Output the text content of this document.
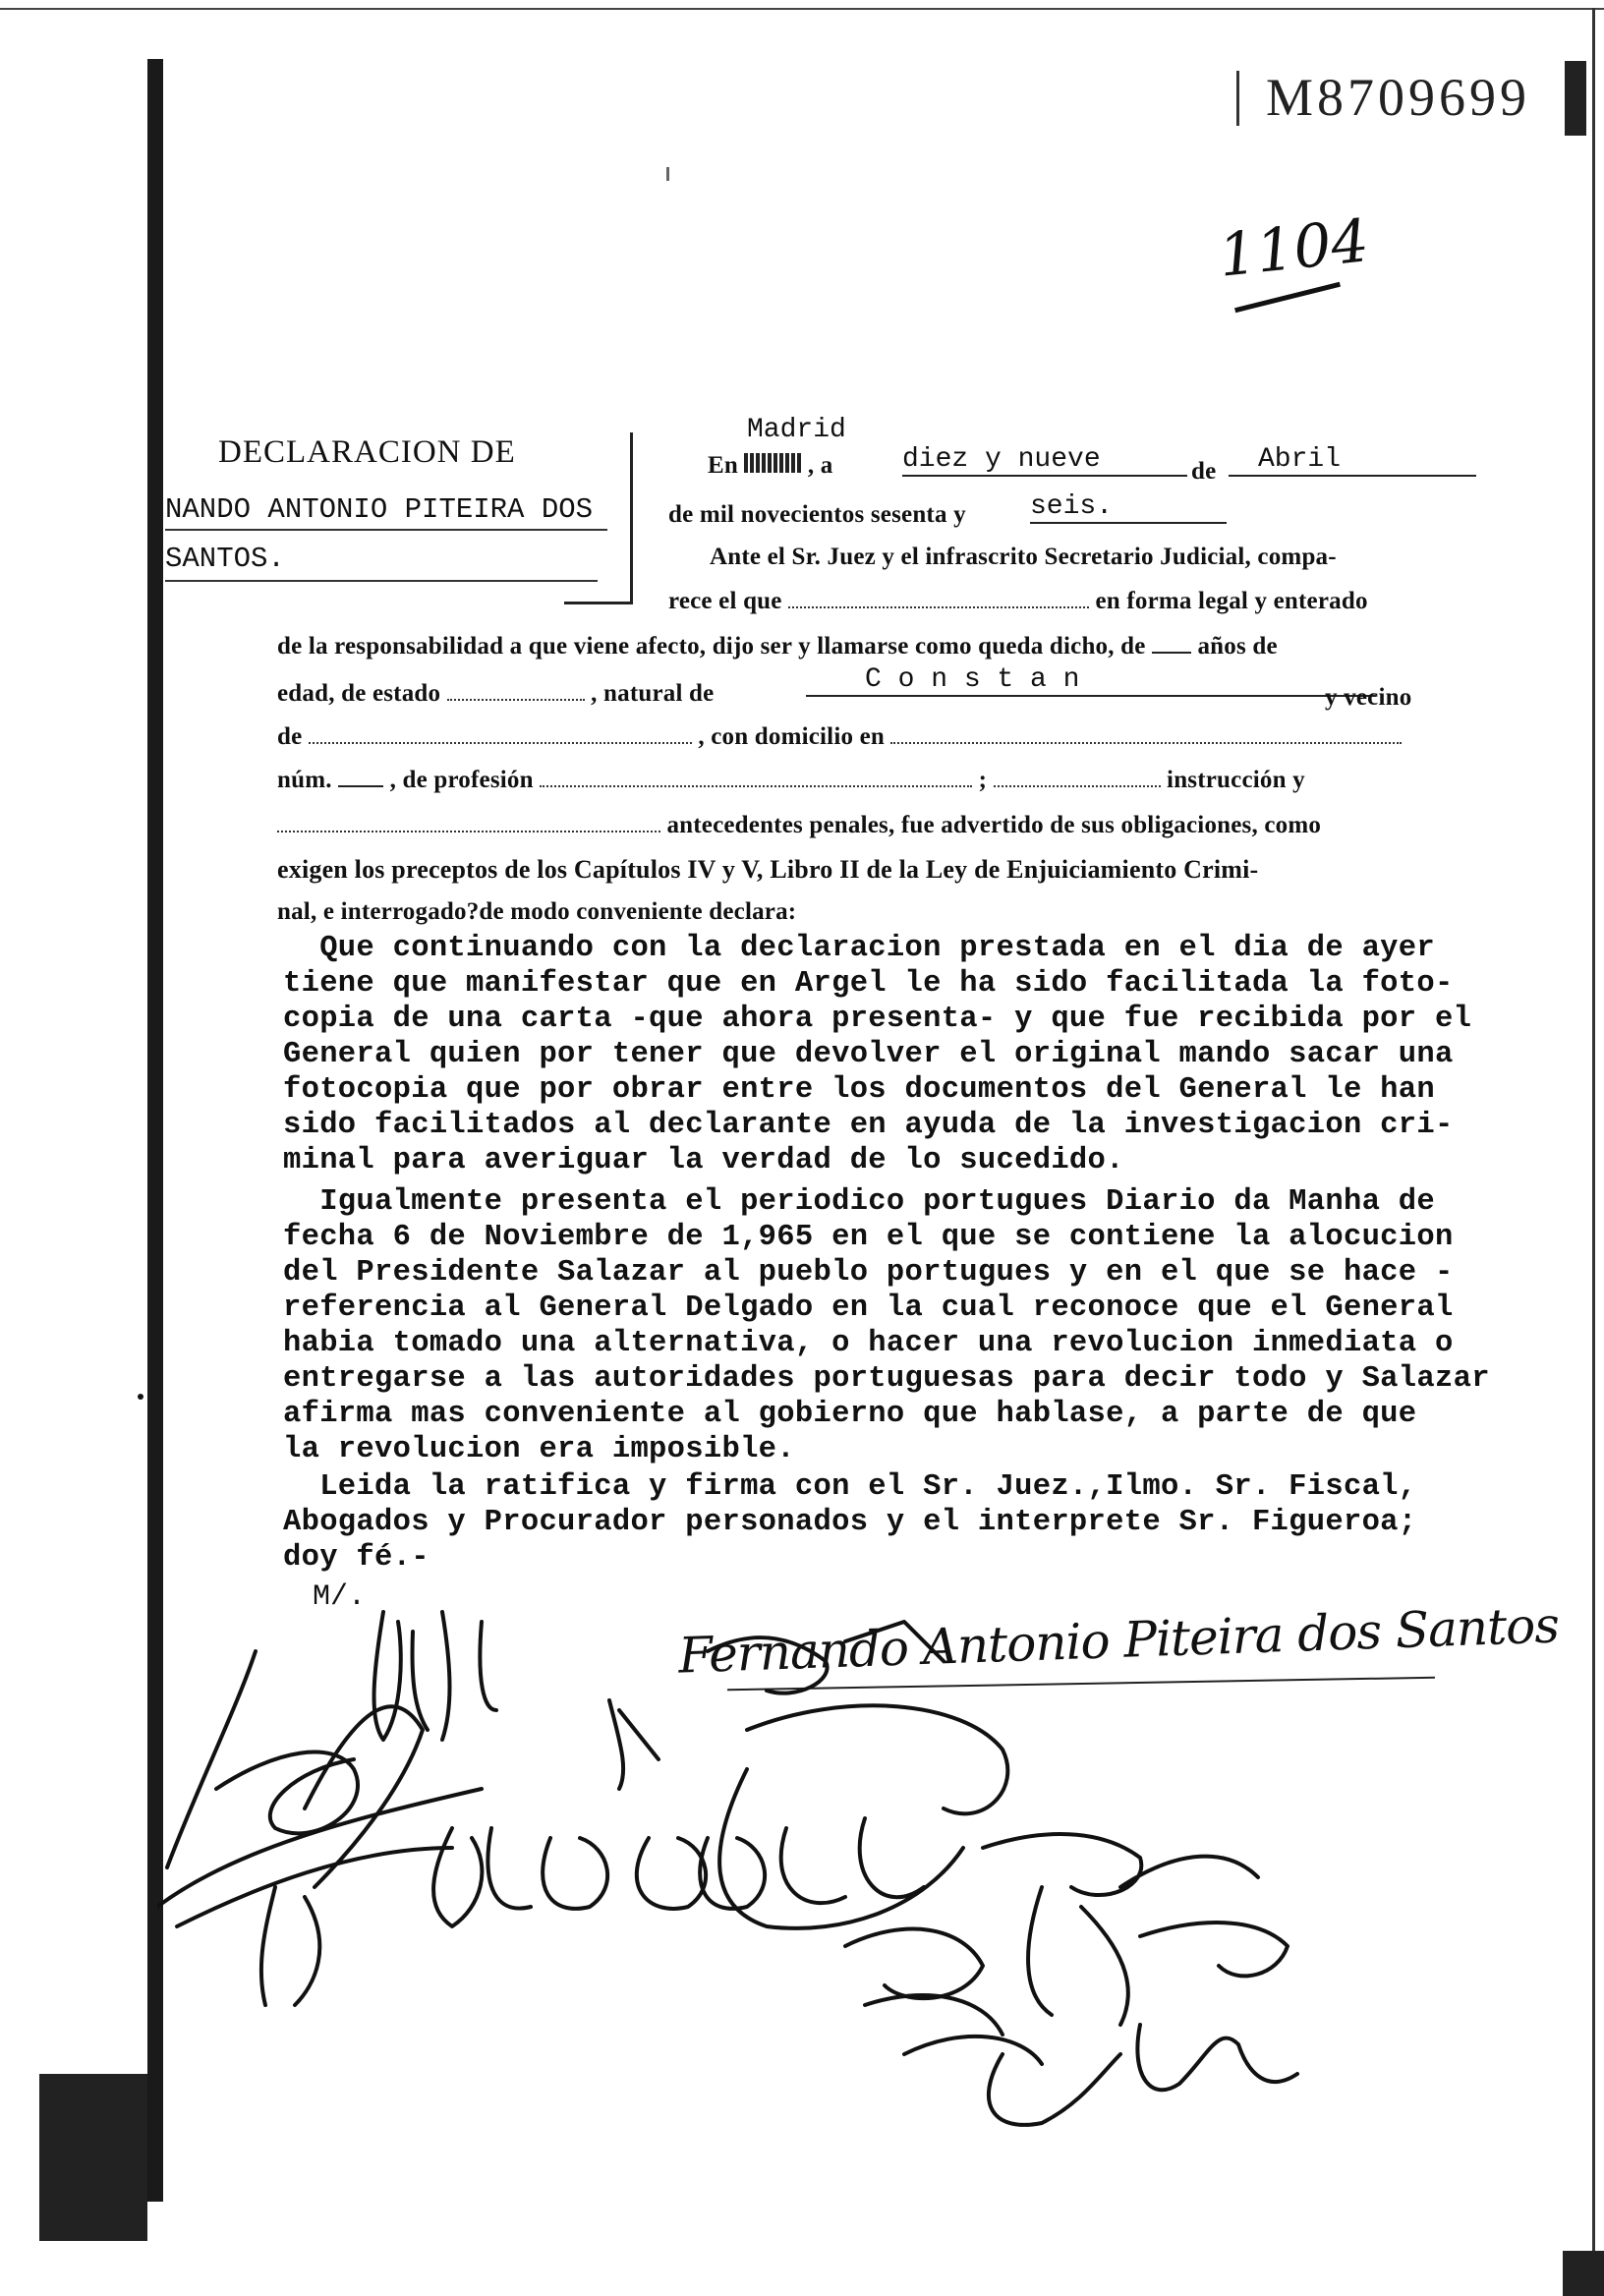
M8709699
1104
DECLARACION DE
NANDO ANTONIO PITEIRA DOS
SANTOS.
Madrid
En	, a	diez y nueve	de	Abril
de mil novecientos sesenta y seis.
Ante el Sr. Juez y el infrascrito Secretario Judicial, compa-
rece el que	en forma legal y enterado
de la responsabilidad a que viene afecto, dijo ser y llamarse como queda dicho, de años de
edad, de estado	, natural de	C o n s t a n
y vecino
de	, con domicilio en
núm. , de profesión	;	instrucción y
antecedentes penales, fue advertido de sus obligaciones, como
exigen los preceptos de los Capítulos IV y V, Libro II de la Ley de Enjuiciamiento Crimi-
nal, e interrogado?de modo conveniente declara:
Que continuando con la declaracion prestada en el dia de ayer
tiene que manifestar que en Argel le ha sido facilitada la foto-
copia de una carta -que ahora presenta- y que fue recibida por el
General quien por tener que devolver el original mando sacar una
fotocopia que por obrar entre los documentos del General le han
sido facilitados al declarante en ayuda de la investigacion cri-
minal para averiguar la verdad de lo sucedido.
Igualmente presenta el periodico portugues Diario da Manha de
fecha 6 de Noviembre de 1,965 en el que se contiene la alocucion
del Presidente Salazar al pueblo portugues y en el que se hace -
referencia al General Delgado en la cual reconoce que el General
habia tomado una alternativa, o hacer una revolucion inmediata o
entregarse a las autoridades portuguesas para decir todo y Salazar
afirma mas conveniente al gobierno que hablase, a parte de que
la revolucion era imposible.
Leida la ratifica y firma con el Sr. Juez.,Ilmo. Sr. Fiscal,
Abogados y Procurador personados y el interprete Sr. Figueroa;
doy fé.-
M/.	Fernando Antonio Piteira dos Santos
